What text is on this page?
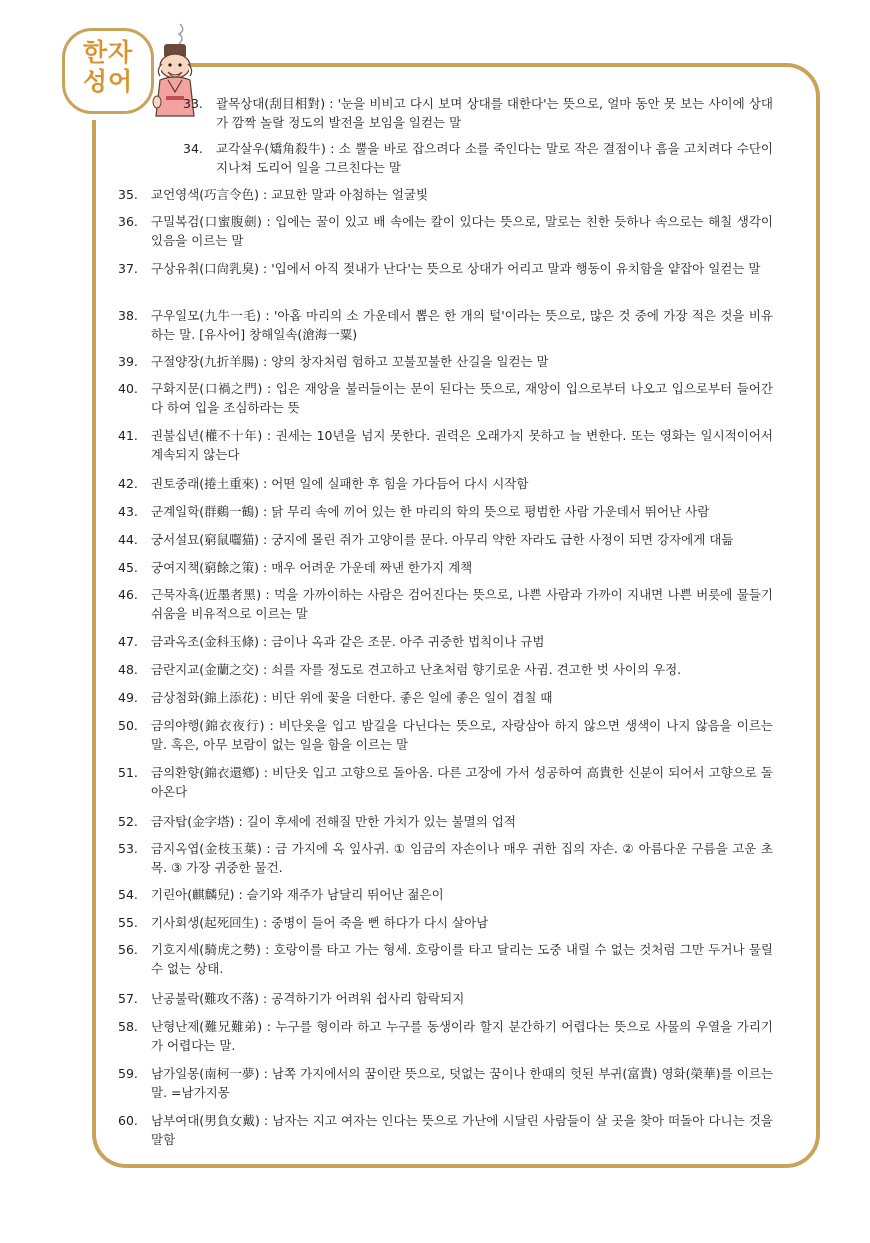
한자
성어
33. 괄목상대(刮目相對) : '눈을 비비고 다시 보며 상대를 대한다'는 뜻으로, 얼마 동안 못 보는 사이에 상대가 깜짝 놀랄 정도의 발전을 보임을 일컫는 말
34. 교각살우(矯角殺牛) : 소 뿔을 바로 잡으려다 소를 죽인다는 말로 작은 결점이나 흠을 고치려다 수단이 지나쳐 도리어 일을 그르친다는 말
35. 교언영색(巧言令色) : 교묘한 말과 아첨하는 얼굴빛
36. 구밀복검(口蜜腹劍) : 입에는 꿀이 있고 배 속에는 칼이 있다는 뜻으로, 말로는 친한 듯하나 속으로는 해칠 생각이 있음을 이르는 말
37. 구상유취(口尙乳臭) : '입에서 아직 젖내가 난다'는 뜻으로 상대가 어리고 말과 행동이 유치함을 얕잡아 일컫는 말
38. 구우일모(九牛一毛) : '아홉 마리의 소 가운데서 뽑은 한 개의 털'이라는 뜻으로, 많은 것 중에 가장 적은 것을 비유하는 말. [유사어] 창해일속(滄海一粟)
39. 구절양장(九折羊腸) : 양의 창자처럼 험하고 꼬불꼬불한 산길을 일컫는 말
40. 구화지문(口禍之門) : 입은 재앙을 불러들이는 문이 된다는 뜻으로, 재앙이 입으로부터 나오고 입으로부터 들어간다 하여 입을 조심하라는 뜻
41. 권불십년(權不十年) : 권세는 10년을 넘지 못한다. 권력은 오래가지 못하고 늘 변한다. 또는 영화는 일시적이어서 계속되지 않는다
42. 권토중래(捲土重來) : 어떤 일에 실패한 후 힘을 가다듬어 다시 시작함
43. 군계일학(群鷄一鶴) : 닭 무리 속에 끼어 있는 한 마리의 학의 뜻으로 평범한 사람 가운데서 뛰어난 사람
44. 궁서설묘(窮鼠囓猫) : 궁지에 몰린 쥐가 고양이를 문다. 아무리 약한 자라도 급한 사정이 되면 강자에게 대듦
45. 궁여지책(窮餘之策) : 매우 어려운 가운데 짜낸 한가지 계책
46. 근묵자흑(近墨者黑) : 먹을 가까이하는 사람은 검어진다는 뜻으로, 나쁜 사람과 가까이 지내면 나쁜 버릇에 물들기 쉬움을 비유적으로 이르는 말
47. 금과옥조(金科玉條) : 금이나 옥과 같은 조문. 아주 귀중한 법칙이나 규범
48. 금란지교(金蘭之交) : 쇠를 자를 정도로 견고하고 난초처럼 향기로운 사귐. 견고한 벗 사이의 우정.
49. 금상첨화(錦上添花) : 비단 위에 꽃을 더한다. 좋은 일에 좋은 일이 겹칠 때
50. 금의야행(錦衣夜行) : 비단옷을 입고 밤길을 다닌다는 뜻으로, 자랑삼아 하지 않으면 생색이 나지 않음을 이르는 말. 혹은, 아무 보람이 없는 일을 함을 이르는 말
51. 금의환향(錦衣還鄕) : 비단옷 입고 고향으로 돌아옴. 다른 고장에 가서 성공하여 高貴한 신분이 되어서 고향으로 돌아온다
52. 금자탑(金字塔) : 길이 후세에 전해질 만한 가치가 있는 불멸의 업적
53. 금지옥엽(金枝玉葉) : 금 가지에 옥 잎사귀. ① 임금의 자손이나 매우 귀한 집의 자손. ② 아름다운 구름을 고운 초목. ③ 가장 귀중한 물건.
54. 기린아(麒麟兒) : 슬기와 재주가 남달리 뛰어난 젊은이
55. 기사회생(起死回生) : 중병이 들어 죽을 뻔 하다가 다시 살아남
56. 기호지세(騎虎之勢) : 호랑이를 타고 가는 형세. 호랑이를 타고 달리는 도중 내릴 수 없는 것처럼 그만 두거나 물릴 수 없는 상태.
57. 난공불락(難攻不落) : 공격하기가 어려워 쉽사리 함락되지
58. 난형난제(難兄難弟) : 누구를 형이라 하고 누구를 동생이라 할지 분간하기 어렵다는 뜻으로 사물의 우열을 가리기가 어렵다는 말.
59. 남가일몽(南柯一夢) : 남쪽 가지에서의 꿈이란 뜻으로, 덧없는 꿈이나 한때의 헛된 부귀(富貴) 영화(榮華)를 이르는 말. =남가지몽
60. 남부여대(男負女戴) : 남자는 지고 여자는 인다는 뜻으로 가난에 시달린 사람들이 살 곳을 찾아 떠돌아 다니는 것을 말함
